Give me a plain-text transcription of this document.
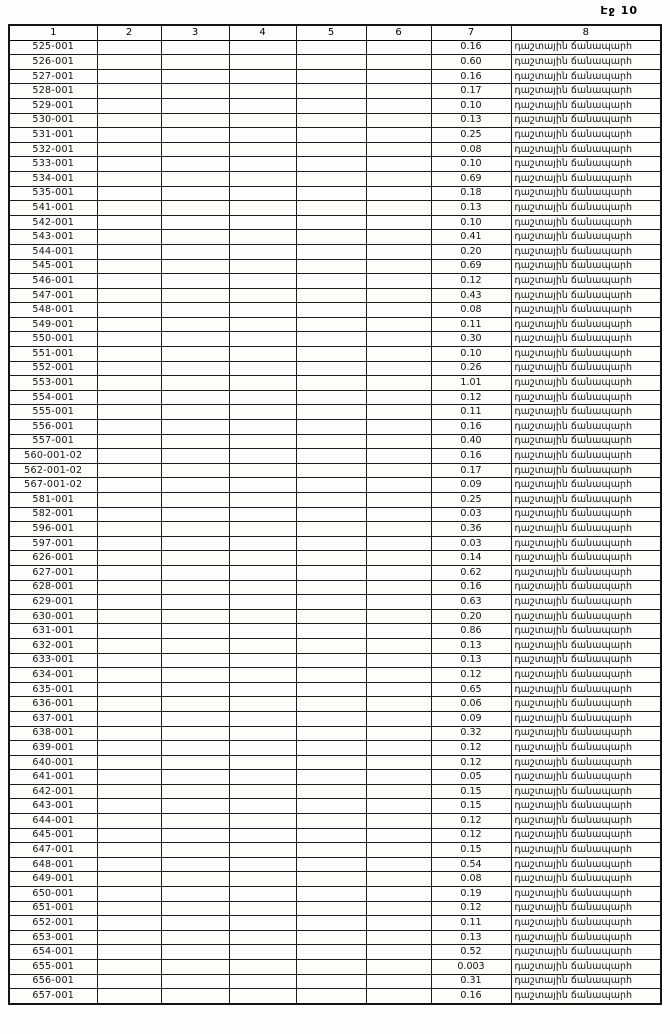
Էջ 10
1	2	3	4	5	6	7	8
525-001						0.16	դաշտային ճանապարհ
526-001						0.60	դաշտային ճանապարհ
527-001						0.16	դաշտային ճանապարհ
528-001						0.17	դաշտային ճանապարհ
529-001						0.10	դաշտային ճանապարհ
530-001						0.13	դաշտային ճանապարհ
531-001						0.25	դաշտային ճանապարհ
532-001						0.08	դաշտային ճանապարհ
533-001						0.10	դաշտային ճանապարհ
534-001						0.69	դաշտային ճանապարհ
535-001						0.18	դաշտային ճանապարհ
541-001						0.13	դաշտային ճանապարհ
542-001						0.10	դաշտային ճանապարհ
543-001						0.41	դաշտային ճանապարհ
544-001						0.20	դաշտային ճանապարհ
545-001						0.69	դաշտային ճանապարհ
546-001						0.12	դաշտային ճանապարհ
547-001						0.43	դաշտային ճանապարհ
548-001						0.08	դաշտային ճանապարհ
549-001						0.11	դաշտային ճանապարհ
550-001						0.30	դաշտային ճանապարհ
551-001						0.10	դաշտային ճանապարհ
552-001						0.26	դաշտային ճանապարհ
553-001						1.01	դաշտային ճանապարհ
554-001						0.12	դաշտային ճանապարհ
555-001						0.11	դաշտային ճանապարհ
556-001						0.16	դաշտային ճանապարհ
557-001						0.40	դաշտային ճանապարհ
560-001-02						0.16	դաշտային ճանապարհ
562-001-02						0.17	դաշտային ճանապարհ
567-001-02						0.09	դաշտային ճանապարհ
581-001						0.25	դաշտային ճանապարհ
582-001						0.03	դաշտային ճանապարհ
596-001						0.36	դաշտային ճանապարհ
597-001						0.03	դաշտային ճանապարհ
626-001						0.14	դաշտային ճանապարհ
627-001						0.62	դաշտային ճանապարհ
628-001						0.16	դաշտային ճանապարհ
629-001						0.63	դաշտային ճանապարհ
630-001						0.20	դաշտային ճանապարհ
631-001						0.86	դաշտային ճանապարհ
632-001						0.13	դաշտային ճանապարհ
633-001						0.13	դաշտային ճանապարհ
634-001						0.12	դաշտային ճանապարհ
635-001						0.65	դաշտային ճանապարհ
636-001						0.06	դաշտային ճանապարհ
637-001						0.09	դաշտային ճանապարհ
638-001						0.32	դաշտային ճանապարհ
639-001						0.12	դաշտային ճանապարհ
640-001						0.12	դաշտային ճանապարհ
641-001						0.05	դաշտային ճանապարհ
642-001						0.15	դաշտային ճանապարհ
643-001						0.15	դաշտային ճանապարհ
644-001						0.12	դաշտային ճանապարհ
645-001						0.12	դաշտային ճանապարհ
647-001						0.15	դաշտային ճանապարհ
648-001						0.54	դաշտային ճանապարհ
649-001						0.08	դաշտային ճանապարհ
650-001						0.19	դաշտային ճանապարհ
651-001						0.12	դաշտային ճանապարհ
652-001						0.11	դաշտային ճանապարհ
653-001						0.13	դաշտային ճանապարհ
654-001						0.52	դաշտային ճանապարհ
655-001						0.003	դաշտային ճանապարհ
656-001						0.31	դաշտային ճանապարհ
657-001						0.16	դաշտային ճանապարհ
